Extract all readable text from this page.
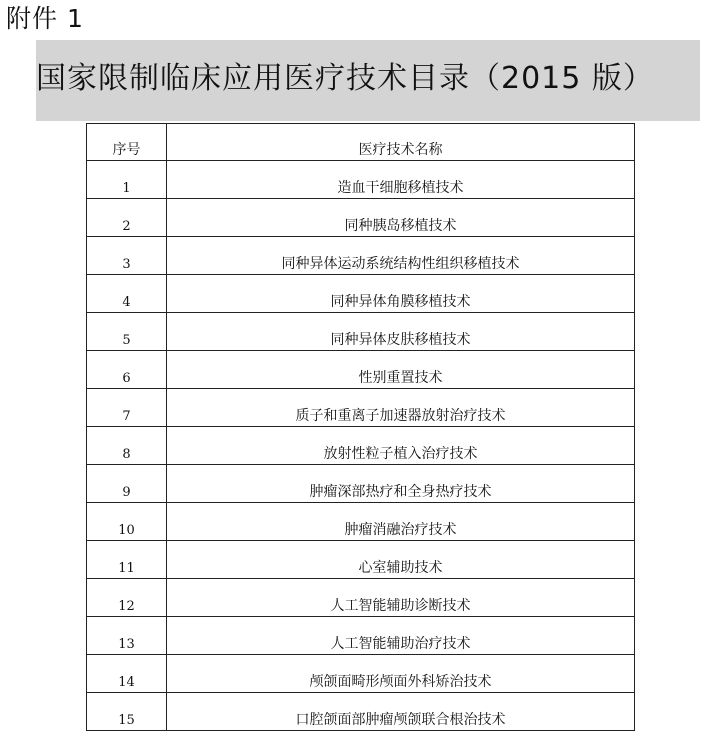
附件 1
国家限制临床应用医疗技术目录（2015 版）
序号	医疗技术名称
1	造血干细胞移植技术
2	同种胰岛移植技术
3	同种异体运动系统结构性组织移植技术
4	同种异体角膜移植技术
5	同种异体皮肤移植技术
6	性别重置技术
7	质子和重离子加速器放射治疗技术
8	放射性粒子植入治疗技术
9	肿瘤深部热疗和全身热疗技术
10	肿瘤消融治疗技术
11	心室辅助技术
12	人工智能辅助诊断技术
13	人工智能辅助治疗技术
14	颅颌面畸形颅面外科矫治技术
15	口腔颌面部肿瘤颅颌联合根治技术
